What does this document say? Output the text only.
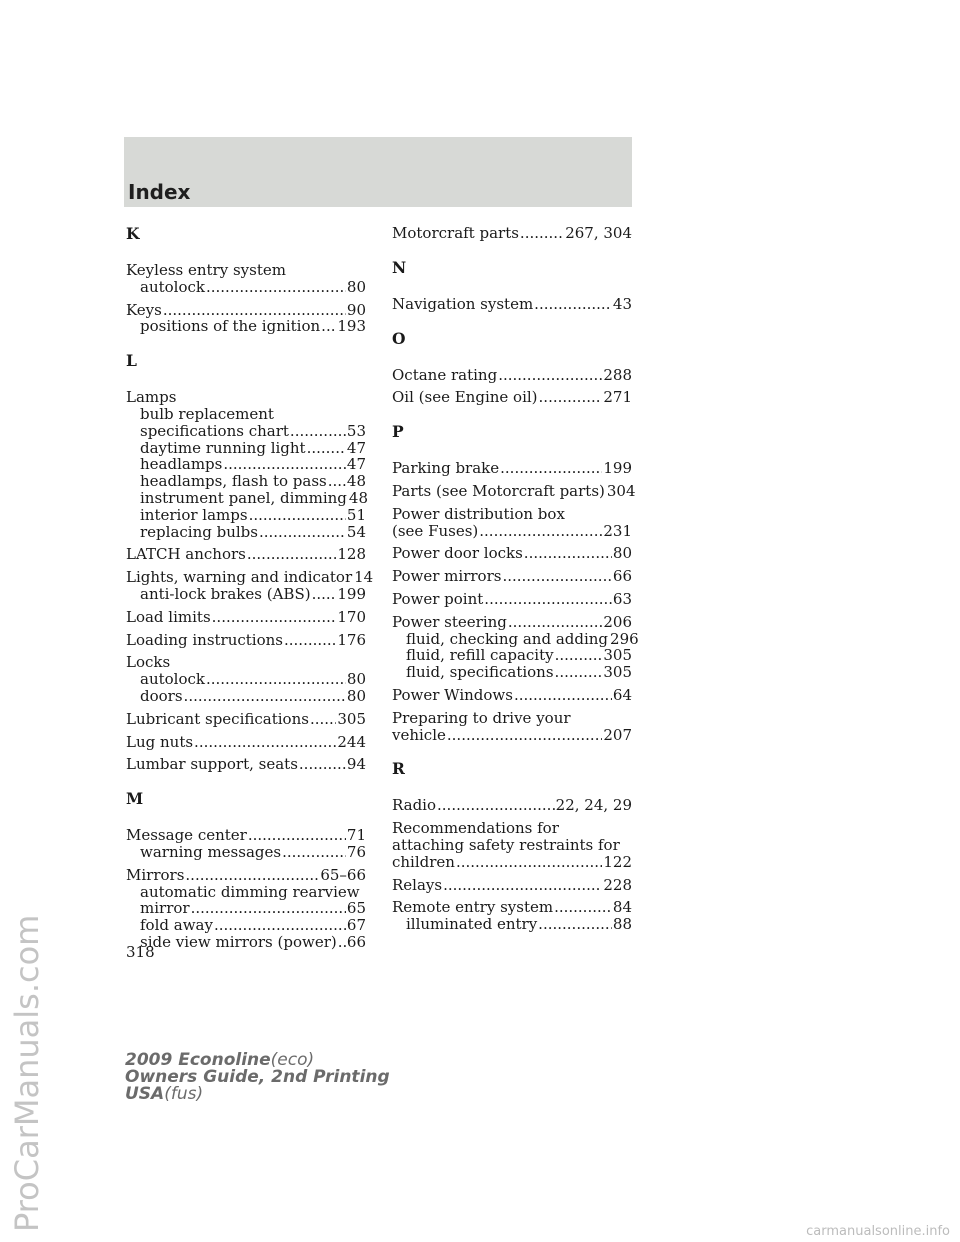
Index
K
Keyless entry system
autolock .....	80
Keys .....	90
positions of the ignition ..... 193
L
Lamps
bulb replacement
specifications chart .....	53
daytime running light .....	47
headlamps .....	47
headlamps, flash to pass ..... 48
instrument panel, dimming 48
interior lamps .....	51
replacing bulbs .....	54
LATCH anchors .....	128
Lights, warning and indicator 14
anti-lock brakes (ABS) ..... 199
Load limits .....	170
Loading instructions .....	176
Locks
autolock .....	80
doors .....	80
Lubricant specifications ..... 305
Lug nuts .....	244
Lumbar support, seats .....	94
M
Message center .....	71
warning messages .....	76
Mirrors .....	65–66
automatic dimming rearview
mirror .....	65
fold away .....	67
side view mirrors (power) ..... 66
Motorcraft parts .....	267, 304
N
Navigation system .....	43
O
Octane rating .....	288
Oil (see Engine oil) .....	271
P
Parking brake .....	199
Parts (see Motorcraft parts) 304
Power distribution box
(see Fuses) .....	231
Power door locks .....	80
Power mirrors .....	66
Power point .....	63
Power steering .....	206
fluid, checking and adding 296
fluid, refill capacity .....	305
fluid, specifications .....	305
Power Windows .....	64
Preparing to drive your
vehicle .....	207
R
Radio .....	22, 24, 29
Recommendations for
attaching safety restraints for
children .....	122
Relays .....	228
Remote entry system .....	84
illuminated entry .....	88
318
2009 Econoline(eco)
Owners Guide, 2nd Printing
USA(fus)
ProCarManuals.com	carmanualsonline.info
